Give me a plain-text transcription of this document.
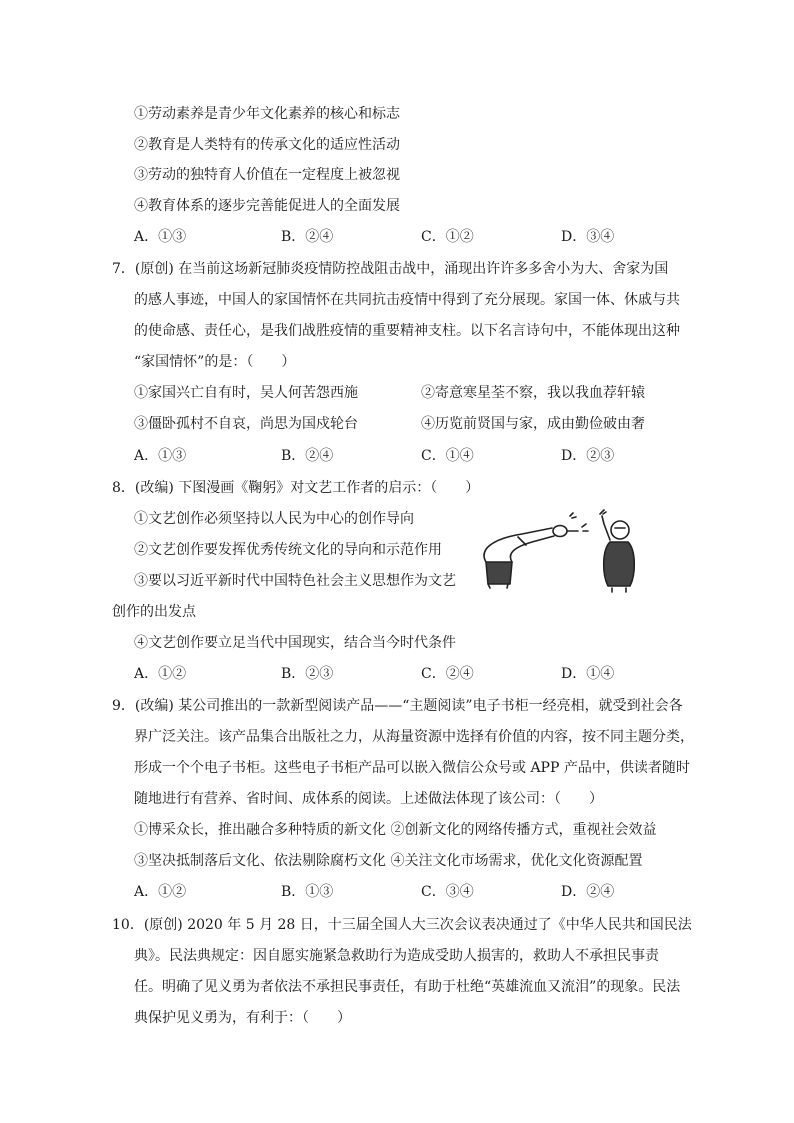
①劳动素养是青少年文化素养的核心和标志
②教育是人类特有的传承文化的适应性活动
③劳动的独特育人价值在一定程度上被忽视
④教育体系的逐步完善能促进人的全面发展
A．①③	B．②④	C．①②	D．③④
7．(原创) 在当前这场新冠肺炎疫情防控战阻击战中，涌现出许许多多舍小为大、舍家为国
的感人事迹，中国人的家国情怀在共同抗击疫情中得到了充分展现。家国一体、休戚与共
的使命感、责任心，是我们战胜疫情的重要精神支柱。以下名言诗句中，不能体现出这种
“家国情怀”的是：（　　）
①家国兴亡自有时，吴人何苦怨西施	②寄意寒星荃不察，我以我血荐轩辕
③僵卧孤村不自哀，尚思为国戍轮台	④历览前贤国与家，成由勤俭破由奢
A．①③	B．②④	C．①④	D．②③
8．(改编) 下图漫画《鞠躬》对文艺工作者的启示：（　　）
①文艺创作必须坚持以人民为中心的创作导向
②文艺创作要发挥优秀传统文化的导向和示范作用
③要以习近平新时代中国特色社会主义思想作为文艺
创作的出发点
④文艺创作要立足当代中国现实，结合当今时代条件
A．①②	B．②③	C．②④	D．①④
9．(改编) 某公司推出的一款新型阅读产品——“主题阅读”电子书柜一经亮相，就受到社会各
界广泛关注。该产品集合出版社之力，从海量资源中选择有价值的内容，按不同主题分类，
形成一个个电子书柜。这些电子书柜产品可以嵌入微信公众号或 APP 产品中，供读者随时
随地进行有营养、省时间、成体系的阅读。上述做法体现了该公司：（　　）
①博采众长，推出融合多种特质的新文化 ②创新文化的网络传播方式，重视社会效益
③坚决抵制落后文化、依法剔除腐朽文化 ④关注文化市场需求，优化文化资源配置
A．①②	B．①③	C．③④	D．②④
10．(原创) 2020 年 5 月 28 日，十三届全国人大三次会议表决通过了《中华人民共和国民法
典》。民法典规定：因自愿实施紧急救助行为造成受助人损害的，救助人不承担民事责
任。明确了见义勇为者依法不承担民事责任，有助于杜绝“英雄流血又流泪”的现象。民法
典保护见义勇为，有利于：（　　）
